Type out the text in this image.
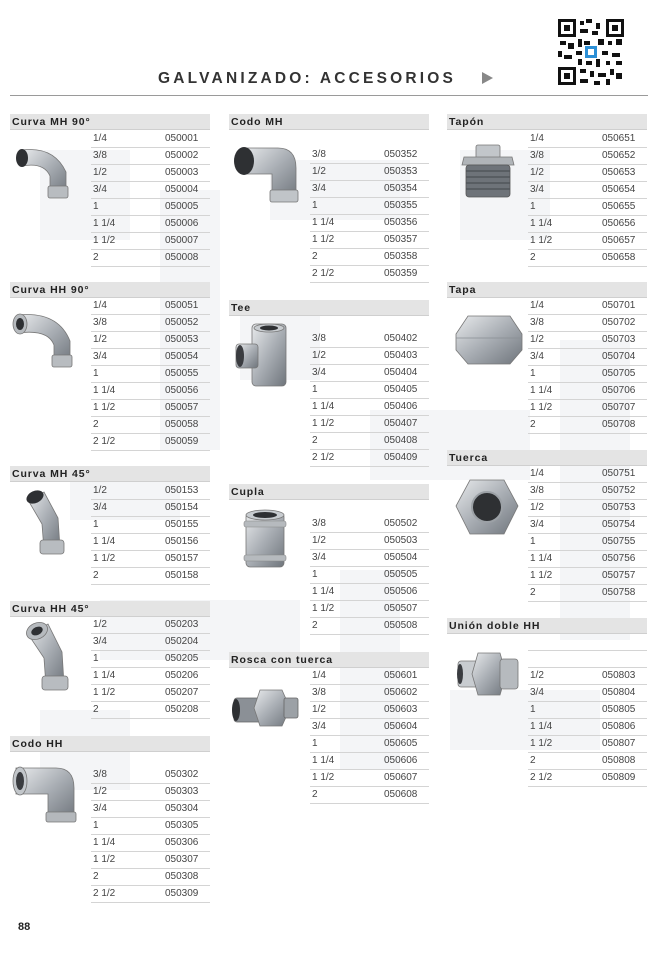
GALVANIZADO: ACCESORIOS
Curva MH 90°
1/4	050001
3/8	050002
1/2	050003
3/4	050004
1	050005
1 1/4	050006
1 1/2	050007
2	050008
Curva HH 90°
1/4	050051
3/8	050052
1/2	050053
3/4	050054
1	050055
1 1/4	050056
1 1/2	050057
2	050058
2 1/2	050059
Curva MH 45°
1/2	050153
3/4	050154
1	050155
1 1/4	050156
1 1/2	050157
2	050158
Curva HH 45°
1/2	050203
3/4	050204
1	050205
1 1/4	050206
1 1/2	050207
2	050208
Codo HH
3/8	050302
1/2	050303
3/4	050304
1	050305
1 1/4	050306
1 1/2	050307
2	050308
2 1/2	050309
Codo MH
3/8	050352
1/2	050353
3/4	050354
1	050355
1 1/4	050356
1 1/2	050357
2	050358
2 1/2	050359
Tee
3/8	050402
1/2	050403
3/4	050404
1	050405
1 1/4	050406
1 1/2	050407
2	050408
2 1/2	050409
Cupla
3/8	050502
1/2	050503
3/4	050504
1	050505
1 1/4	050506
1 1/2	050507
2	050508
Rosca con tuerca
1/4	050601
3/8	050602
1/2	050603
3/4	050604
1	050605
1 1/4	050606
1 1/2	050607
2	050608
Tapón
1/4	050651
3/8	050652
1/2	050653
3/4	050654
1	050655
1 1/4	050656
1 1/2	050657
2	050658
Tapa
1/4	050701
3/8	050702
1/2	050703
3/4	050704
1	050705
1 1/4	050706
1 1/2	050707
2	050708
Tuerca
1/4	050751
3/8	050752
1/2	050753
3/4	050754
1	050755
1 1/4	050756
1 1/2	050757
2	050758
Unión doble HH
1/2	050803
3/4	050804
1	050805
1 1/4	050806
1 1/2	050807
2	050808
2 1/2	050809
88
